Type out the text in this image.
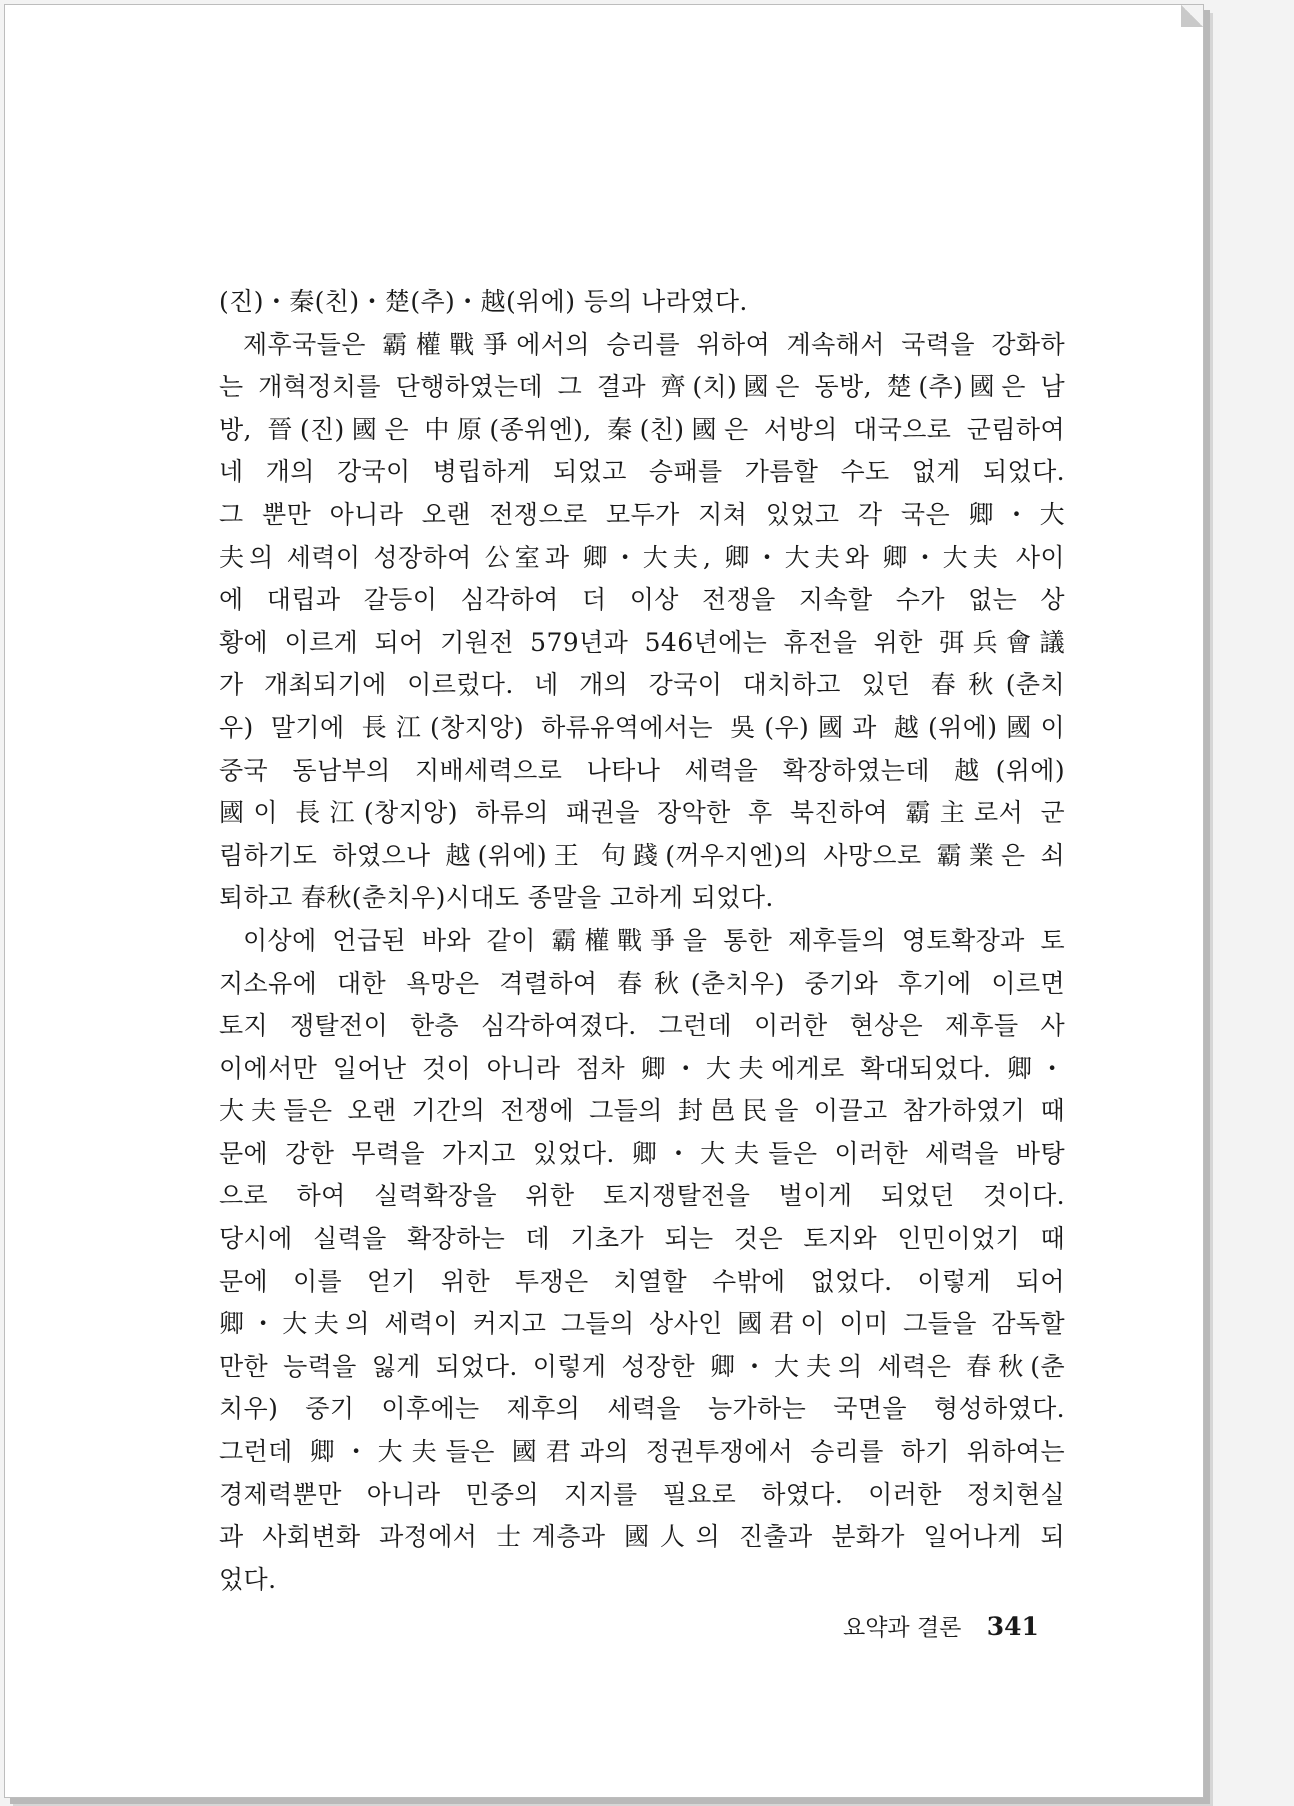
(진)・秦(친)・楚(추)・越(위에) 등의 나라였다.
제후국들은 霸權戰爭에서의 승리를 위하여 계속해서 국력을 강화하
는 개혁정치를 단행하였는데 그 결과 齊(치)國은 동방, 楚(추)國은 남
방, 晉(진)國은 中原(종위엔), 秦(친)國은 서방의 대국으로 군림하여
네 개의 강국이 병립하게 되었고 승패를 가름할 수도 없게 되었다.
그 뿐만 아니라 오랜 전쟁으로 모두가 지쳐 있었고 각 국은 卿・大
夫의 세력이 성장하여 公室과 卿・大夫, 卿・大夫와 卿・大夫 사이
에 대립과 갈등이 심각하여 더 이상 전쟁을 지속할 수가 없는 상
황에 이르게 되어 기원전 579년과 546년에는 휴전을 위한 弭兵會議
가 개최되기에 이르렀다. 네 개의 강국이 대치하고 있던 春秋(춘치
우) 말기에 長江(창지앙) 하류유역에서는 吳(우)國과 越(위에)國이
중국 동남부의 지배세력으로 나타나 세력을 확장하였는데 越(위에)
國이 長江(창지앙) 하류의 패권을 장악한 후 북진하여 霸主로서 군
림하기도 하였으나 越(위에)王 句踐(꺼우지엔)의 사망으로 霸業은 쇠
퇴하고 春秋(춘치우)시대도 종말을 고하게 되었다.
이상에 언급된 바와 같이 霸權戰爭을 통한 제후들의 영토확장과 토
지소유에 대한 욕망은 격렬하여 春秋(춘치우) 중기와 후기에 이르면
토지 쟁탈전이 한층 심각하여졌다. 그런데 이러한 현상은 제후들 사
이에서만 일어난 것이 아니라 점차 卿・大夫에게로 확대되었다. 卿・
大夫들은 오랜 기간의 전쟁에 그들의 封邑民을 이끌고 참가하였기 때
문에 강한 무력을 가지고 있었다. 卿・大夫들은 이러한 세력을 바탕
으로 하여 실력확장을 위한 토지쟁탈전을 벌이게 되었던 것이다.
당시에 실력을 확장하는 데 기초가 되는 것은 토지와 인민이었기 때
문에 이를 얻기 위한 투쟁은 치열할 수밖에 없었다. 이렇게 되어
卿・大夫의 세력이 커지고 그들의 상사인 國君이 이미 그들을 감독할
만한 능력을 잃게 되었다. 이렇게 성장한 卿・大夫의 세력은 春秋(춘
치우) 중기 이후에는 제후의 세력을 능가하는 국면을 형성하였다.
그런데 卿・大夫들은 國君과의 정권투쟁에서 승리를 하기 위하여는
경제력뿐만 아니라 민중의 지지를 필요로 하였다. 이러한 정치현실
과 사회변화 과정에서 士계층과 國人의 진출과 분화가 일어나게 되
었다.
요약과 결론 341
